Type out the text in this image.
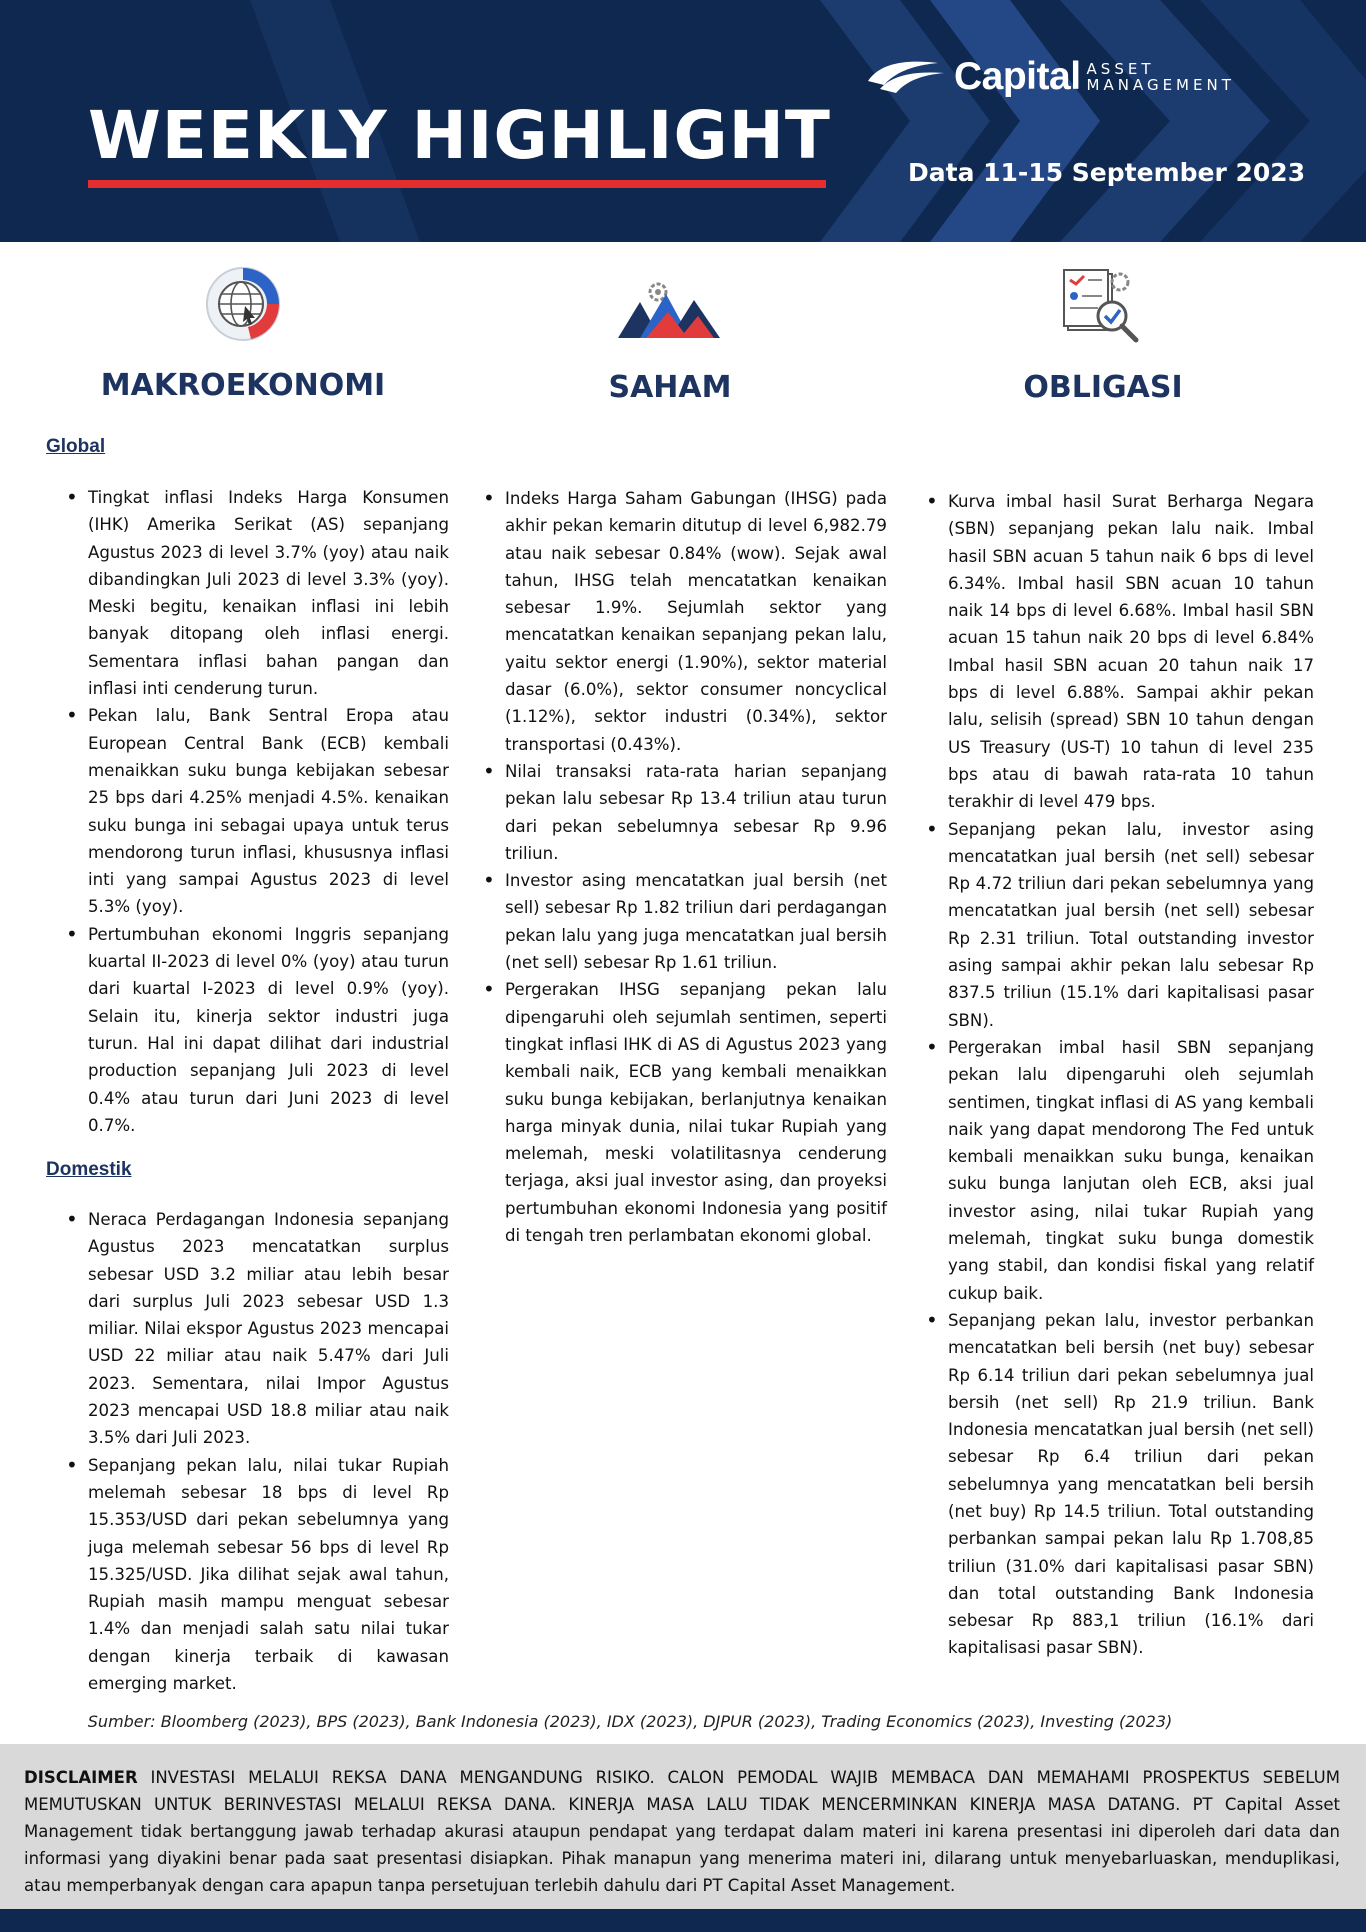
Capital ASSET
MANAGEMENT
WEEKLY HIGHLIGHT	Data 11-15 September 2023
MAKROEKONOMI	SAHAM	OBLIGASI
Global
• Tingkat inflasi Indeks Harga Konsumen (IHK) Amerika Serikat (AS) sepanjang Agustus 2023 di level 3.7% (yoy) atau naik dibandingkan Juli 2023 di level 3.3% (yoy). Meski begitu, kenaikan inflasi ini lebih banyak ditopang oleh inflasi energi. Sementara inflasi bahan pangan dan inflasi inti cenderung turun.
• Pekan lalu, Bank Sentral Eropa atau European Central Bank (ECB) kembali menaikkan suku bunga kebijakan sebesar 25 bps dari 4.25% menjadi 4.5%. kenaikan suku bunga ini sebagai upaya untuk terus mendorong turun inflasi, khususnya inflasi inti yang sampai Agustus 2023 di level 5.3% (yoy).
• Pertumbuhan ekonomi Inggris sepanjang kuartal II-2023 di level 0% (yoy) atau turun dari kuartal I-2023 di level 0.9% (yoy). Selain itu, kinerja sektor industri juga turun. Hal ini dapat dilihat dari industrial production sepanjang Juli 2023 di level 0.4% atau turun dari Juni 2023 di level 0.7%.
Domestik
• Neraca Perdagangan Indonesia sepanjang Agustus 2023 mencatatkan surplus sebesar USD 3.2 miliar atau lebih besar dari surplus Juli 2023 sebesar USD 1.3 miliar. Nilai ekspor Agustus 2023 mencapai USD 22 miliar atau naik 5.47% dari Juli 2023. Sementara, nilai Impor Agustus 2023 mencapai USD 18.8 miliar atau naik 3.5% dari Juli 2023.
• Sepanjang pekan lalu, nilai tukar Rupiah melemah sebesar 18 bps di level Rp 15.353/USD dari pekan sebelumnya yang juga melemah sebesar 56 bps di level Rp 15.325/USD. Jika dilihat sejak awal tahun, Rupiah masih mampu menguat sebesar 1.4% dan menjadi salah satu nilai tukar dengan kinerja terbaik di kawasan emerging market.
• Indeks Harga Saham Gabungan (IHSG) pada akhir pekan kemarin ditutup di level 6,982.79 atau naik sebesar 0.84% (wow). Sejak awal tahun, IHSG telah mencatatkan kenaikan sebesar 1.9%. Sejumlah sektor yang mencatatkan kenaikan sepanjang pekan lalu, yaitu sektor energi (1.90%), sektor material dasar (6.0%), sektor consumer noncyclical (1.12%), sektor industri (0.34%), sektor transportasi (0.43%).
• Nilai transaksi rata-rata harian sepanjang pekan lalu sebesar Rp 13.4 triliun atau turun dari pekan sebelumnya sebesar Rp 9.96 triliun.
• Investor asing mencatatkan jual bersih (net sell) sebesar Rp 1.82 triliun dari perdagangan pekan lalu yang juga mencatatkan jual bersih (net sell) sebesar Rp 1.61 triliun.
• Pergerakan IHSG sepanjang pekan lalu dipengaruhi oleh sejumlah sentimen, seperti tingkat inflasi IHK di AS di Agustus 2023 yang kembali naik, ECB yang kembali menaikkan suku bunga kebijakan, berlanjutnya kenaikan harga minyak dunia, nilai tukar Rupiah yang melemah, meski volatilitasnya cenderung terjaga, aksi jual investor asing, dan proyeksi pertumbuhan ekonomi Indonesia yang positif di tengah tren perlambatan ekonomi global.
• Kurva imbal hasil Surat Berharga Negara (SBN) sepanjang pekan lalu naik. Imbal hasil SBN acuan 5 tahun naik 6 bps di level 6.34%. Imbal hasil SBN acuan 10 tahun naik 14 bps di level 6.68%. Imbal hasil SBN acuan 15 tahun naik 20 bps di level 6.84% Imbal hasil SBN acuan 20 tahun naik 17 bps di level 6.88%. Sampai akhir pekan lalu, selisih (spread) SBN 10 tahun dengan US Treasury (US-T) 10 tahun di level 235 bps atau di bawah rata-rata 10 tahun terakhir di level 479 bps.
• Sepanjang pekan lalu, investor asing mencatatkan jual bersih (net sell) sebesar Rp 4.72 triliun dari pekan sebelumnya yang mencatatkan jual bersih (net sell) sebesar Rp 2.31 triliun. Total outstanding investor asing sampai akhir pekan lalu sebesar Rp 837.5 triliun (15.1% dari kapitalisasi pasar SBN).
• Pergerakan imbal hasil SBN sepanjang pekan lalu dipengaruhi oleh sejumlah sentimen, tingkat inflasi di AS yang kembali naik yang dapat mendorong The Fed untuk kembali menaikkan suku bunga, kenaikan suku bunga lanjutan oleh ECB, aksi jual investor asing, nilai tukar Rupiah yang melemah, tingkat suku bunga domestik yang stabil, dan kondisi fiskal yang relatif cukup baik.
• Sepanjang pekan lalu, investor perbankan mencatatkan beli bersih (net buy) sebesar Rp 6.14 triliun dari pekan sebelumnya jual bersih (net sell) Rp 21.9 triliun. Bank Indonesia mencatatkan jual bersih (net sell) sebesar Rp 6.4 triliun dari pekan sebelumnya yang mencatatkan beli bersih (net buy) Rp 14.5 triliun. Total outstanding perbankan sampai pekan lalu Rp 1.708,85 triliun (31.0% dari kapitalisasi pasar SBN) dan total outstanding Bank Indonesia sebesar Rp 883,1 triliun (16.1% dari kapitalisasi pasar SBN).
Sumber: Bloomberg (2023), BPS (2023), Bank Indonesia (2023), IDX (2023), DJPUR (2023), Trading Economics (2023), Investing (2023)

DISCLAIMER INVESTASI MELALUI REKSA DANA MENGANDUNG RISIKO. CALON PEMODAL WAJIB MEMBACA DAN MEMAHAMI PROSPEKTUS SEBELUM MEMUTUSKAN UNTUK BERINVESTASI MELALUI REKSA DANA. KINERJA MASA LALU TIDAK MENCERMINKAN KINERJA MASA DATANG. PT Capital Asset Management tidak bertanggung jawab terhadap akurasi ataupun pendapat yang terdapat dalam materi ini karena presentasi ini diperoleh dari data dan informasi yang diyakini benar pada saat presentasi disiapkan. Pihak manapun yang menerima materi ini, dilarang untuk menyebarluaskan, menduplikasi, atau memperbanyak dengan cara apapun tanpa persetujuan terlebih dahulu dari PT Capital Asset Management.
